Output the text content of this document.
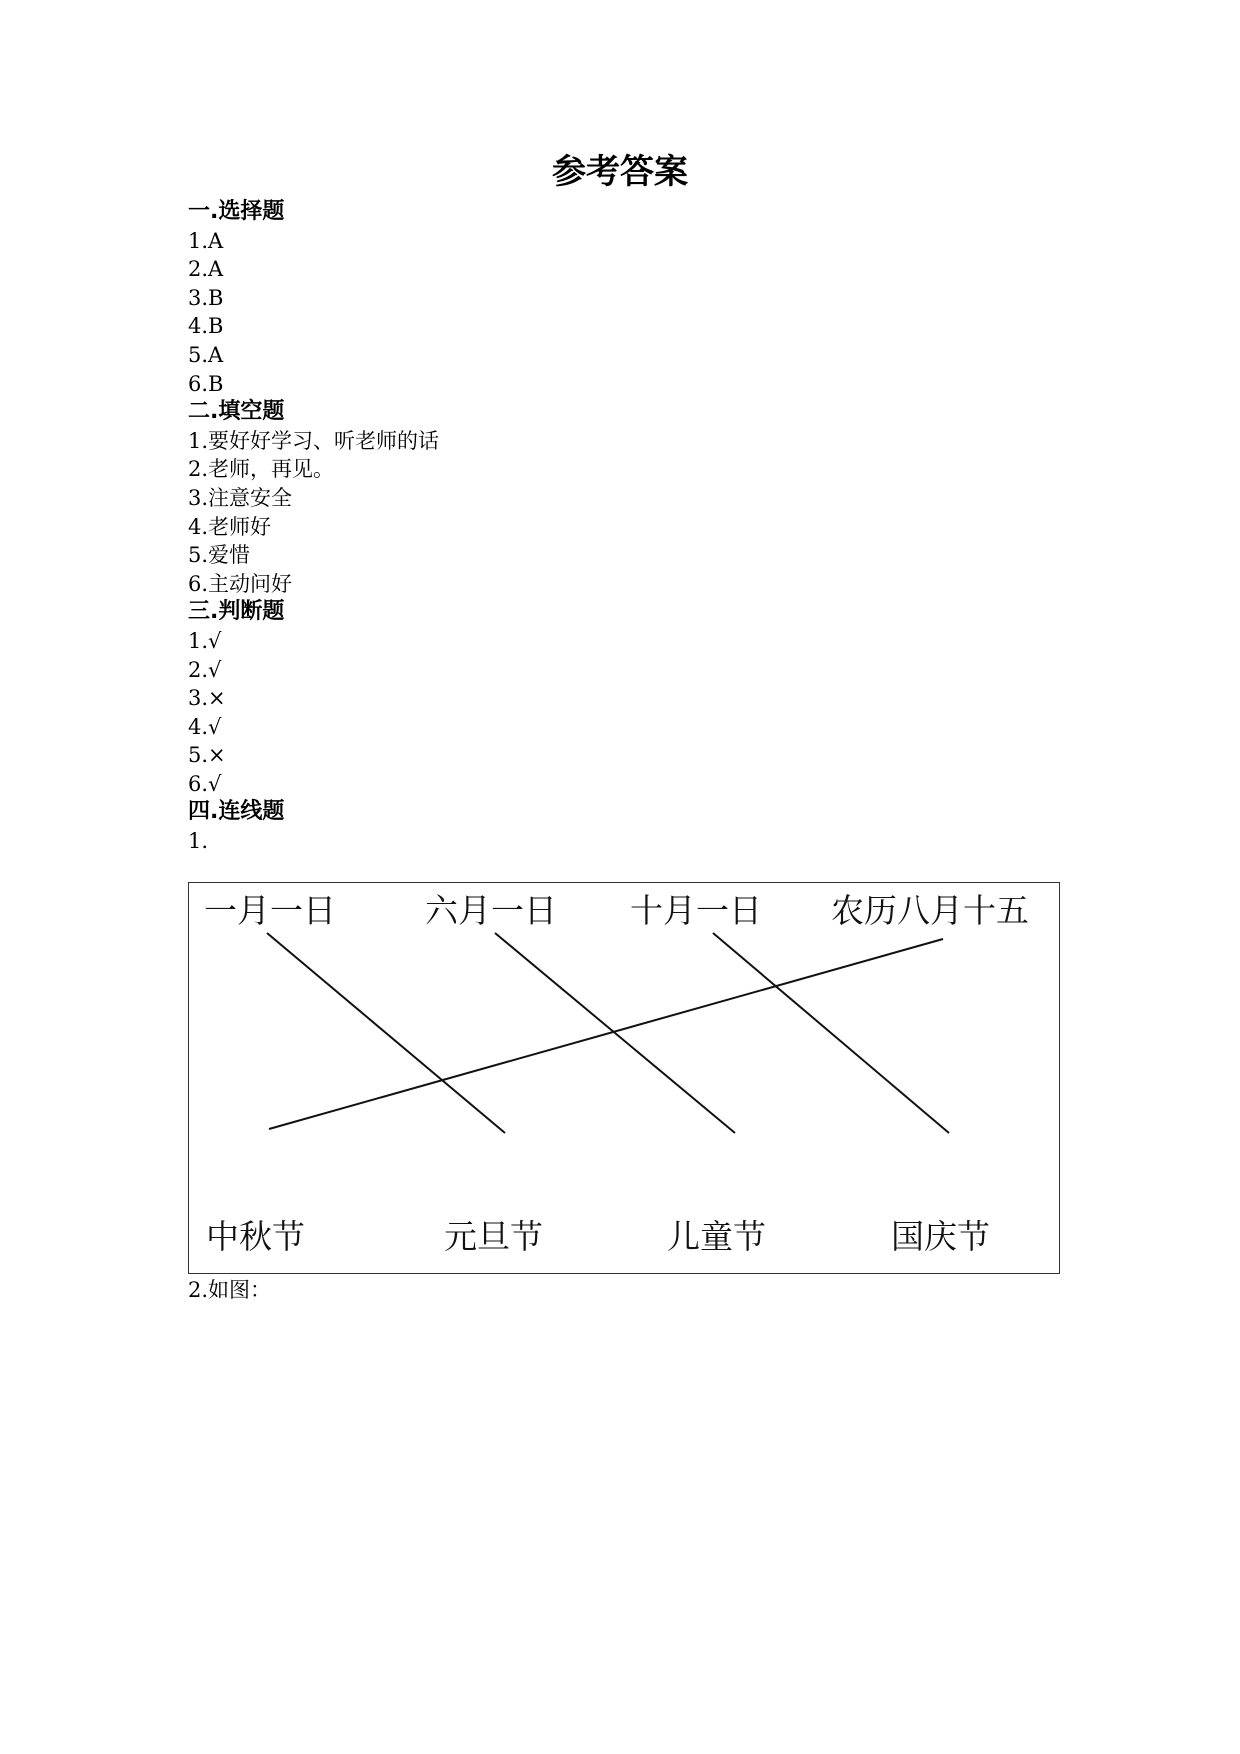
参考答案
一.选择题
1.A
2.A
3.B
4.B
5.A
6.B
二.填空题
1.要好好学习、听老师的话
2.老师，再见。
3.注意安全
4.老师好
5.爱惜
6.主动问好
三.判断题
1.√
2.√
3.×
4.√
5.×
6.√
四.连线题
1.
一月一日	六月一日 十月一日 农历八月十五
中秋节	元旦节	儿童节	国庆节
2.如图：
